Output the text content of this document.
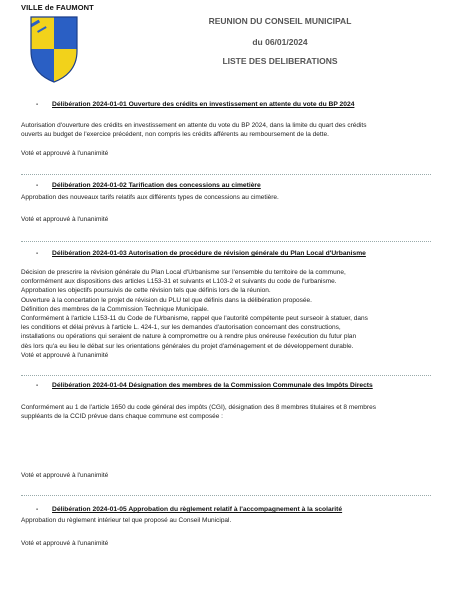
VILLE de FAUMONT
REUNION DU CONSEIL MUNICIPAL
du 06/01/2024
LISTE DES DELIBERATIONS
- Délibération 2024-01-01 Ouverture des crédits en investissement en attente du vote du BP 2024
Autorisation d'ouverture des crédits en investissement en attente du vote du BP 2024, dans la limite du quart des crédits
ouverts au budget de l'exercice précédent, non compris les crédits afférents au remboursement de la dette.
Voté et approuvé à l'unanimité
- Délibération 2024-01-02 Tarification des concessions au cimetière
Approbation des nouveaux tarifs relatifs aux différents types de concessions au cimetière.
Voté et approuvé à l'unanimité
- Délibération 2024-01-03 Autorisation de procédure de révision générale du Plan Local d'Urbanisme
Décision de prescrire la révision générale du Plan Local d'Urbanisme sur l'ensemble du territoire de la commune,
conformément aux dispositions des articles L153-31 et suivants et L103-2 et suivants du code de l'urbanisme.
Approbation les objectifs poursuivis de cette révision tels que définis lors de la réunion.
Ouverture à la concertation le projet de révision du PLU tel que définis dans la délibération proposée.
Définition des membres de la Commission Technique Municipale.
Conformément à l'article L153-11 du Code de l'Urbanisme, rappel que l'autorité compétente peut surseoir à statuer, dans
les conditions et délai prévus à l'article L. 424-1, sur les demandes d'autorisation concernant des constructions,
installations ou opérations qui seraient de nature à compromettre ou à rendre plus onéreuse l'exécution du futur plan
dès lors qu'a eu lieu le débat sur les orientations générales du projet d'aménagement et de développement durable.
Voté et approuvé à l'unanimité
- Délibération 2024-01-04 Désignation des membres de la Commission Communale des Impôts Directs
Conformément au 1 de l'article 1650 du code général des impôts (CGI), désignation des 8 membres titulaires et 8 membres
suppléants de la CCID prévue dans chaque commune est composée :
Voté et approuvé à l'unanimité
- Délibération 2024-01-05 Approbation du règlement relatif à l'accompagnement à la scolarité
Approbation du règlement intérieur tel que proposé au Conseil Municipal.
Voté et approuvé à l'unanimité
